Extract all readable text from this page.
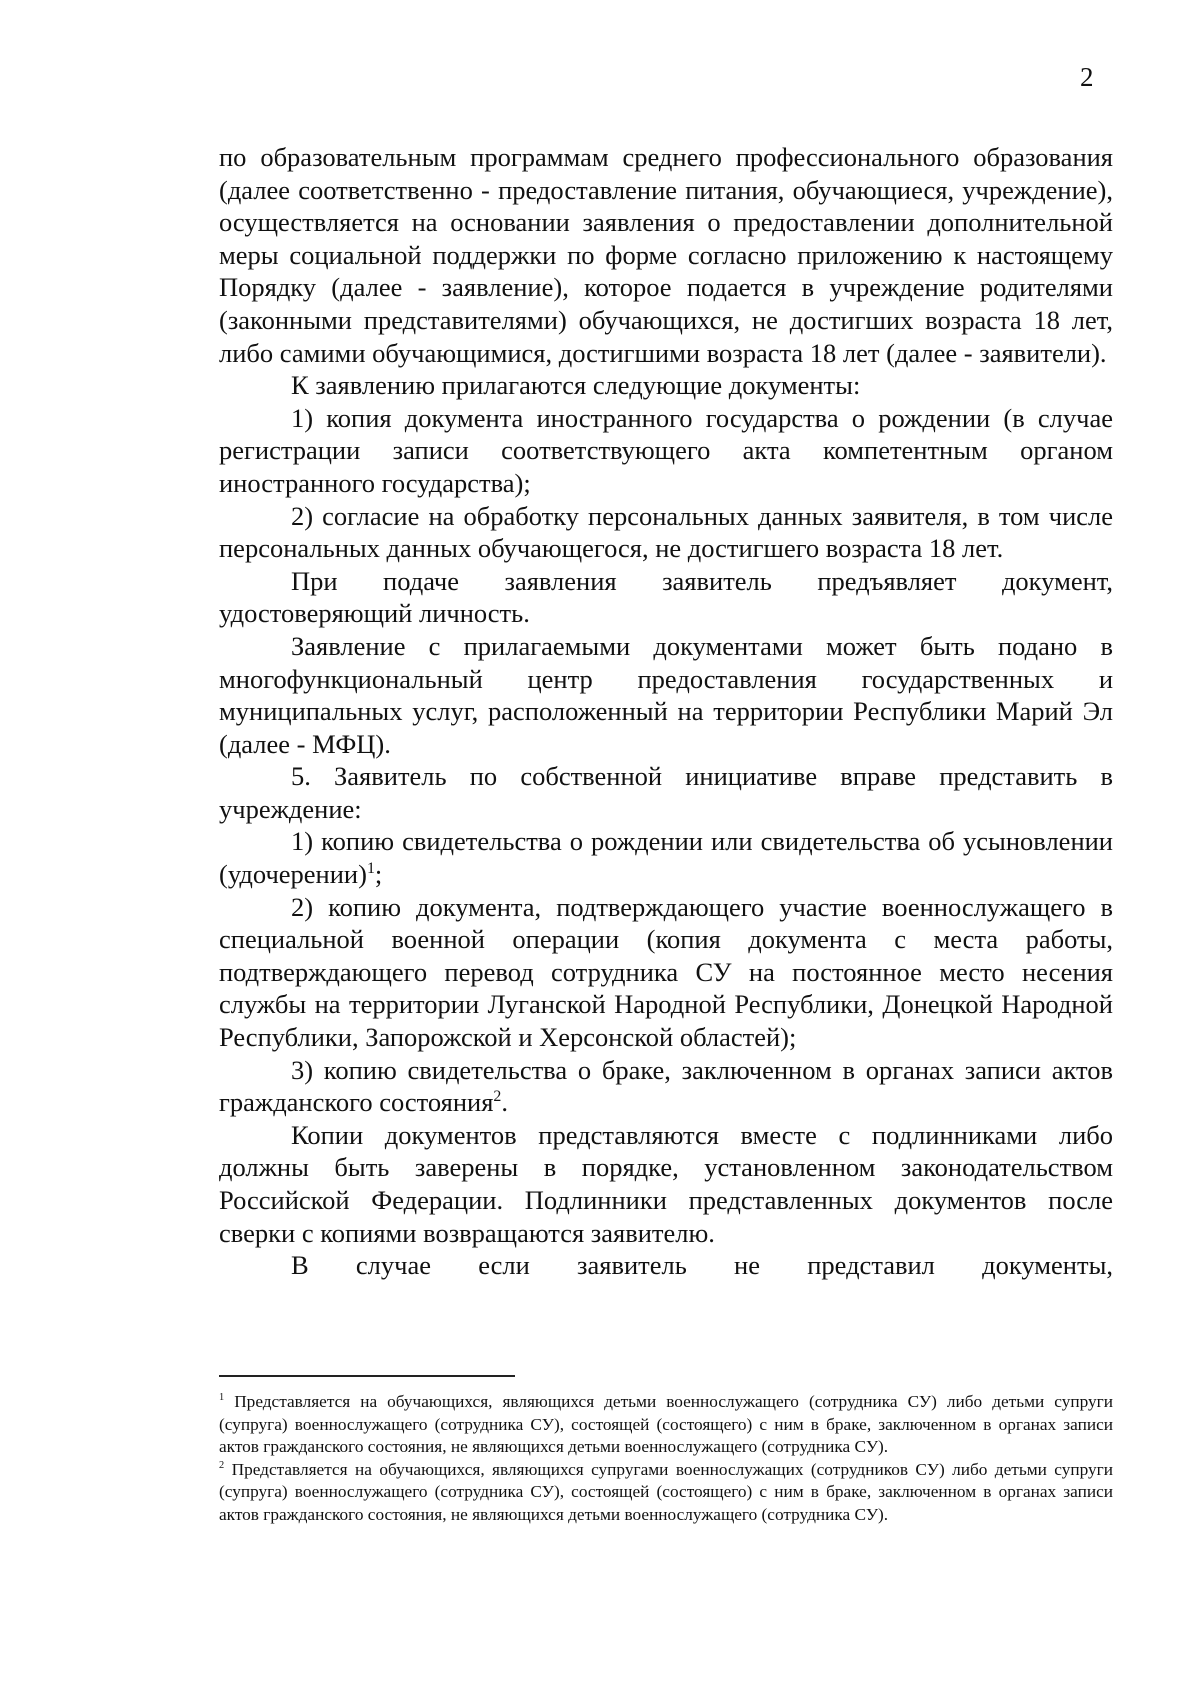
2

по образовательным программам среднего профессионального образования (далее соответственно - предоставление питания, обучающиеся, учреждение), осуществляется на основании заявления о предоставлении дополнительной меры социальной поддержки по форме согласно приложению к настоящему Порядку (далее - заявление), которое подается в учреждение родителями (законными представителями) обучающихся, не достигших возраста 18 лет, либо самими обучающимися, достигшими возраста 18 лет (далее - заявители).

К заявлению прилагаются следующие документы:

1) копия документа иностранного государства о рождении (в случае регистрации записи соответствующего акта компетентным органом иностранного государства);

2) согласие на обработку персональных данных заявителя, в том числе персональных данных обучающегося, не достигшего возраста 18 лет.

При подаче заявления заявитель предъявляет документ, удостоверяющий личность.

Заявление с прилагаемыми документами может быть подано в многофункциональный центр предоставления государственных и муниципальных услуг, расположенный на территории Республики Марий Эл (далее - МФЦ).

5. Заявитель по собственной инициативе вправе представить в учреждение:

1) копию свидетельства о рождении или свидетельства об усыновлении (удочерении)$^1$;

2) копию документа, подтверждающего участие военнослужащего в специальной военной операции (копия документа с места работы, подтверждающего перевод сотрудника СУ на постоянное место несения службы на территории Луганской Народной Республики, Донецкой Народной Республики, Запорожской и Херсонской областей);

3) копию свидетельства о браке, заключенном в органах записи актов гражданского состояния$^2$.

Копии документов представляются вместе с подлинниками либо должны быть заверены в порядке, установленном законодательством Российской Федерации. Подлинники представленных документов после сверки с копиями возвращаются заявителю.

В случае если заявитель не представил документы,

$^1$ Представляется на обучающихся, являющихся детьми военнослужащего (сотрудника СУ) либо детьми супруги (супруга) военнослужащего (сотрудника СУ), состоящей (состоящего) с ним в браке, заключенном в органах записи актов гражданского состояния, не являющихся детьми военнослужащего (сотрудника СУ).

$^2$ Представляется на обучающихся, являющихся супругами военнослужащих (сотрудников СУ) либо детьми супруги (супруга) военнослужащего (сотрудника СУ), состоящей (состоящего) с ним в браке, заключенном в органах записи актов гражданского состояния, не являющихся детьми военнослужащего (сотрудника СУ).
